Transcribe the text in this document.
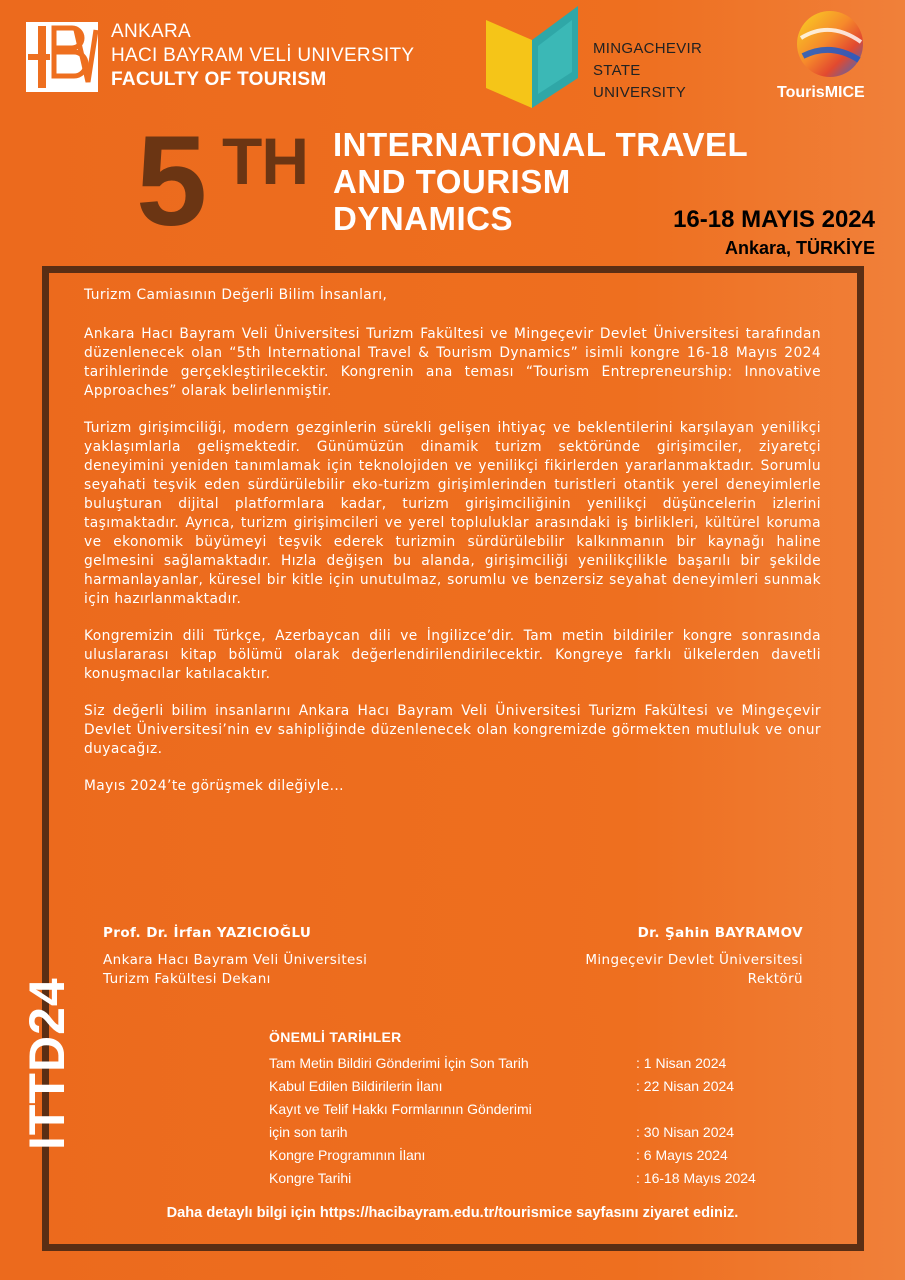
ANKARA
HACI BAYRAM VELİ UNIVERSITY
FACULTY OF TOURISM
MINGACHEVIR
STATE
UNIVERSITY	TourisMICE
5 TH INTERNATIONAL TRAVEL
AND TOURISM
DYNAMICS	16-18 MAYIS 2024
Ankara, TÜRKİYE

Turizm Camiasının Değerli Bilim İnsanları,

Ankara Hacı Bayram Veli Üniversitesi Turizm Fakültesi ve Mingeçevir Devlet Üniversitesi tarafından düzenlenecek olan “5th International Travel & Tourism Dynamics” isimli kongre 16-18 Mayıs 2024 tarihlerinde gerçekleştirilecektir. Kongrenin ana teması “Tourism Entrepreneurship: Innovative Approaches” olarak belirlenmiştir.

Turizm girişimciliği, modern gezginlerin sürekli gelişen ihtiyaç ve beklentilerini karşılayan yenilikçi yaklaşımlarla gelişmektedir. Günümüzün dinamik turizm sektöründe girişimciler, ziyaretçi deneyimini yeniden tanımlamak için teknolojiden ve yenilikçi fikirlerden yararlanmaktadır. Sorumlu seyahati teşvik eden sürdürülebilir eko-turizm girişimlerinden turistleri otantik yerel deneyimlerle buluşturan dijital platformlara kadar, turizm girişimciliğinin yenilikçi düşüncelerin izlerini taşımaktadır. Ayrıca, turizm girişimcileri ve yerel topluluklar arasındaki iş birlikleri, kültürel koruma ve ekonomik büyümeyi teşvik ederek turizmin sürdürülebilir kalkınmanın bir kaynağı haline gelmesini sağlamaktadır. Hızla değişen bu alanda, girişimciliği yenilikçilikle başarılı bir şekilde harmanlayanlar, küresel bir kitle için unutulmaz, sorumlu ve benzersiz seyahat deneyimleri sunmak için hazırlanmaktadır.

Kongremizin dili Türkçe, Azerbaycan dili ve İngilizce’dir. Tam metin bildiriler kongre sonrasında uluslararası kitap bölümü olarak değerlendirilendirilecektir. Kongreye farklı ülkelerden davetli konuşmacılar katılacaktır.

Siz değerli bilim insanlarını Ankara Hacı Bayram Veli Üniversitesi Turizm Fakültesi ve Mingeçevir Devlet Üniversitesi’nin ev sahipliğinde düzenlenecek olan kongremizde görmekten mutluluk ve onur duyacağız.

Mayıs 2024’te görüşmek dileğiyle...

Prof. Dr. İrfan YAZICIOĞLU
Ankara Hacı Bayram Veli Üniversitesi
Turizm Fakültesi Dekanı
Dr. Şahin BAYRAMOV
Mingeçevir Devlet Üniversitesi
Rektörü
ITTD24	ÖNEMLİ TARİHLER
Tam Metin Bildiri Gönderimi İçin Son Tarih	: 1 Nisan 2024
Kabul Edilen Bildirilerin İlanı	: 22 Nisan 2024
Kayıt ve Telif Hakkı Formlarının Gönderimi
için son tarih	: 30 Nisan 2024
Kongre Programının İlanı	: 6 Mayıs 2024
Kongre Tarihi	: 16-18 Mayıs 2024
Daha detaylı bilgi için https://hacibayram.edu.tr/tourismice sayfasını ziyaret ediniz.
